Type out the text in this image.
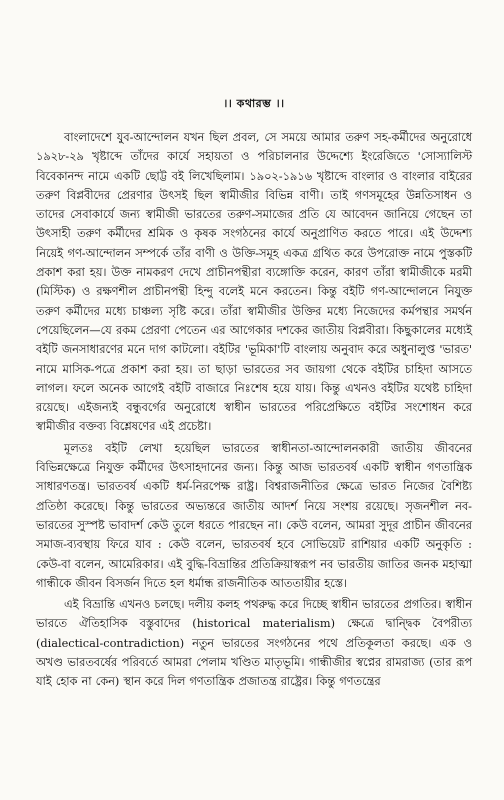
।। কথারম্ভ ।।

বাংলাদেশে যুব-আন্দোলন যখন ছিল প্রবল, সে সময়ে আমার তরুণ সহ-কর্মীদের অনুরোধে ১৯২৮-২৯ খৃষ্টাব্দে তাঁদের কার্যে সহায়তা ও পরিচালনার উদ্দেশ্যে ইংরেজিতে 'সোস্যালিস্ট বিবেকানন্দ নামে একটি ছোট্ট বই লিখেছিলাম। ১৯০২-১৯১৬ খৃষ্টাব্দে বাংলার ও বাংলার বাইরের তরুণ বিপ্লবীদের প্রেরণার উৎসই ছিল স্বামীজীর বিভিন্ন বাণী। তাই গণসমূহের উন্নতিসাধন ও তাদের সেবাকার্যে জন্য স্বামীজী ভারতের তরুণ-সমাজের প্রতি যে আবেদন জানিয়ে গেছেন তা উৎসাহী তরুণ কর্মীদের শ্রমিক ও কৃষক সংগঠনের কার্যে অনুপ্রাণিত করতে পারে। এই উদ্দেশ্য নিয়েই গণ-আন্দোলন সম্পর্কে তাঁর বাণী ও উক্তি-সমূহ একত্র গ্রথিত করে উপরোক্ত নামে পুস্তকটি প্রকাশ করা হয়। উক্ত নামকরণ দেখে প্রাচীনপন্থীরা ব্যঙ্গোক্তি করেন, কারণ তাঁরা স্বামীজীকে মরমী (মিস্টিক) ও রক্ষণশীল প্রাচীনপন্থী হিন্দু বলেই মনে করতেন। কিন্তু বইটি গণ-আন্দোলনে নিযুক্ত তরুণ কর্মীদের মধ্যে চাঞ্চল্য সৃষ্টি করে। তাঁরা স্বামীজীর উক্তির মধ্যে নিজেদের কর্মপন্থার সমর্থন পেয়েছিলেন—যে রকম প্রেরণা পেতেন এর আগেকার দশকের জাতীয় বিপ্লবীরা। কিছুকালের মধ্যেই বইটি জনসাধারণের মনে দাগ কাটলো। বইটির 'ভূমিকা'টি বাংলায় অনুবাদ করে অধুনালুপ্ত 'ভারত' নামে মাসিক-পত্রে প্রকাশ করা হয়। তা ছাড়া ভারতের সব জায়গা থেকে বইটির চাহিদা আসতে লাগল। ফলে অনেক আগেই বইটি বাজারে নিঃশেষ হয়ে যায়। কিন্তু এখনও বইটির যথেষ্ট চাহিদা রয়েছে। এইজন্যই বন্ধুবর্গের অনুরোধে স্বাধীন ভারতের পরিপ্রেক্ষিতে বইটির সংশোধন করে স্বামীজীর বক্তব্য বিশ্লেষণের এই প্রচেষ্টা।

মূলতঃ বইটি লেখা হয়েছিল ভারতের স্বাধীনতা-আন্দোলনকারী জাতীয় জীবনের বিভিন্নক্ষেত্রে নিযুক্ত কর্মীদের উৎসাহদানের জন্য। কিন্তু আজ ভারতবর্ষ একটি স্বাধীন গণতান্ত্রিক সাধারণতন্ত্র। ভারতবর্ষ একটি ধর্ম-নিরপেক্ষ রাষ্ট্র। বিশ্বরাজনীতির ক্ষেত্রে ভারত নিজের বৈশিষ্ট্য প্রতিষ্ঠা করেছে। কিন্তু ভারতের অভ্যন্তরে জাতীয় আদর্শ নিয়ে সংশয় রয়েছে। সৃজনশীল নব-ভারতের সুস্পষ্ট ভাবাদর্শ কেউ তুলে ধরতে পারছেন না। কেউ বলেন, আমরা সুদূর প্রাচীন জীবনের সমাজ-ব্যবস্থায় ফিরে যাব : কেউ বলেন, ভারতবর্ষ হবে সোভিয়েট রাশিয়ার একটি অনুকৃতি : কেউ-বা বলেন, আমেরিকার। এই বুদ্ধি-বিভ্রান্তির প্রতিক্রিয়াস্বরূপ নব ভারতীয় জাতির জনক মহাত্মা গান্ধীকে জীবন বিসর্জন দিতে হল ধর্মান্ধ রাজনীতিক আততায়ীর হস্তে।

এই বিভ্রান্তি এখনও চলছে। দলীয় কলহ পথরুদ্ধ করে দিচ্ছে স্বাধীন ভারতের প্রগতির। স্বাধীন ভারতে ঐতিহাসিক বস্তুবাদের (historical materialism) ক্ষেত্রে দ্বান্দ্বিক বৈপরীত্য (dialectical-contradiction) নতুন ভারতের সংগঠনের পথে প্রতিকূলতা করছে। এক ও অখণ্ড ভারতবর্ষের পরিবর্তে আমরা পেলাম খণ্ডিত মাতৃভূমি। গান্ধীজীর স্বপ্নের রামরাজ্য (তার রূপ যাই হোক না কেন) স্থান করে দিল গণতান্ত্রিক প্রজাতন্ত্র রাষ্ট্রের। কিন্তু গণতন্ত্রের
